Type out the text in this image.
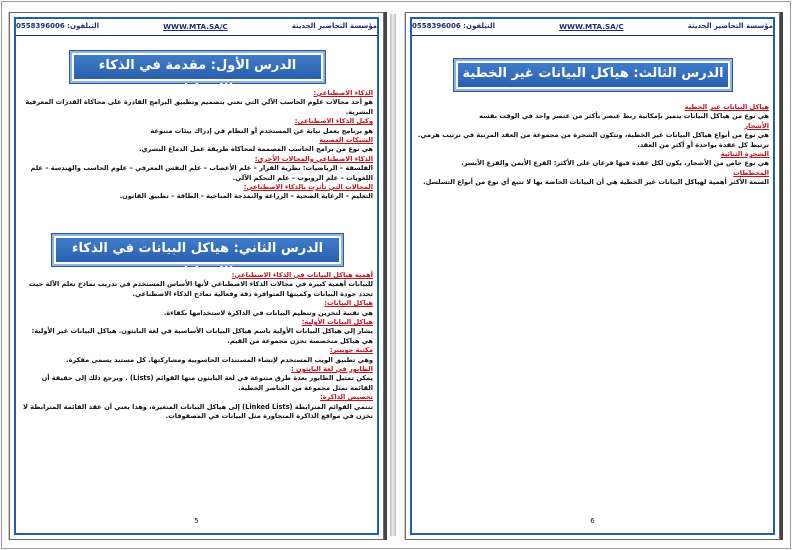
مؤسسة التحاضير الحديثة
WWW.MTA.SA/C
التيلفون: 0558396006
الدرس الأول: مقدمة في الذكاء الاصطناعي	الذكاء الاصطناعي:
هو أحد مجالات علوم الحاسب الآلي التي تعني بتصميم وتطبيق البرامج القادرة على محاكاة القدرات المعرفية البشرية.
وكيل الذكاء الاصطناعي:
هو برنامج يعمل نيابة عن المستخدم أو النظام في إدراك بيئات متنوعة
الشبكات العصبية
هي نوع من برامج الحاسب المصممة لمحاكاة طريقة عمل الدماغ البشري.
الذكاء الاصطناعي والمجالات الأخرى:
الفلسفة – الرياضيات: نظرية القرار – علم الأعصاب – علم النفس المعرفي – علوم الحاسب والهندسة – علم اللغويات – علم الروبوت – علم التحكم الآلي.
المجالات التي تأثرت بالذكاء الاصطناعي:
التعليم – الرعاية الصحية – الزراعة والنمذجة المناخية - الطاقة – تطبيق القانون.
الدرس الثاني: هياكل البيانات في الذكاء الاصطناعي
أهمية هياكل البيانات في الذكاء الاصطناعي:
للبيانات أهمية كبيرة في مجالات الذكاء الاصطناعي لأنها الأساس المستخدم في تدريب نماذج تعلم الآلة حيث تحدد جودة البيانات وكميتها المتوافرة دقة وفعالية نماذج الذكاء الاصطناعي.
هياكل البيانات:
هي تقنية لتخزين وتنظيم البيانات في الذاكرة لاستخدامها بكفاءة.
هياكل البيانات الأولية:
يشار إلى هياكل البيانات الأولية باسم هياكل البيانات الأساسية في لغة البايثون. هياكل البيانات غير الأولية: هي هياكل متخصصة تخزن مجموعة من القيم.
مكتبة جوبيتر:
وهي تطبيق الويب المستخدم لإنشاء المستندات الحاسوبية ومشاركتها. كل مستند يسمى مفكرة.
الطابور في لغة البايثون :
يمكن تمثيل الطابور بعدة طرق متنوعة في لغة البايثون منها القوائم (Lists) . ويرجع ذلك إلى حقيقة أن القائمة تمثل مجموعة من العناصر الخطية.
تخصيص الذاكرة:
تنتمي القوائم المترابطة (Linked Lists) إلى هياكل البيانات المتغيرة، وهذا يعني أن عقد القائمة المترابطة لا تخزن في مواقع الذاكرة المتجاورة مثل البيانات في المصفوفات.
5
مؤسسة التحاضير الحديثة
WWW.MTA.SA/C
التيلفون: 0558396006
الدرس الثالث: هياكل البيانات غير الخطية
هياكل البيانات غير الخطية
هي نوع من هياكل البيانات يتميز بإمكانية ربط عنصر بأكثر من عنصر واحد في الوقت نفسه
الأشجار
هي نوع من أنواع هياكل البيانات غير الخطية، وتتكون الشجرة من مجموعة من العقد المرتبة في ترتيب هرمي. ترتبط كل عقدة بواحدة أو أكثر من العقد.
الشجرة الثنائية
هي نوع خاص من الأشجار، يكون لكل عقدة فيها فرعان على الأكثر: الفرع الأيمن والفرع الأيسر.
المخططات
السمة الأكثر أهمية لهياكل البيانات غير الخطية هي أن البيانات الخاصة بها لا تتبع أي نوع من أنواع التسلسل.
6
